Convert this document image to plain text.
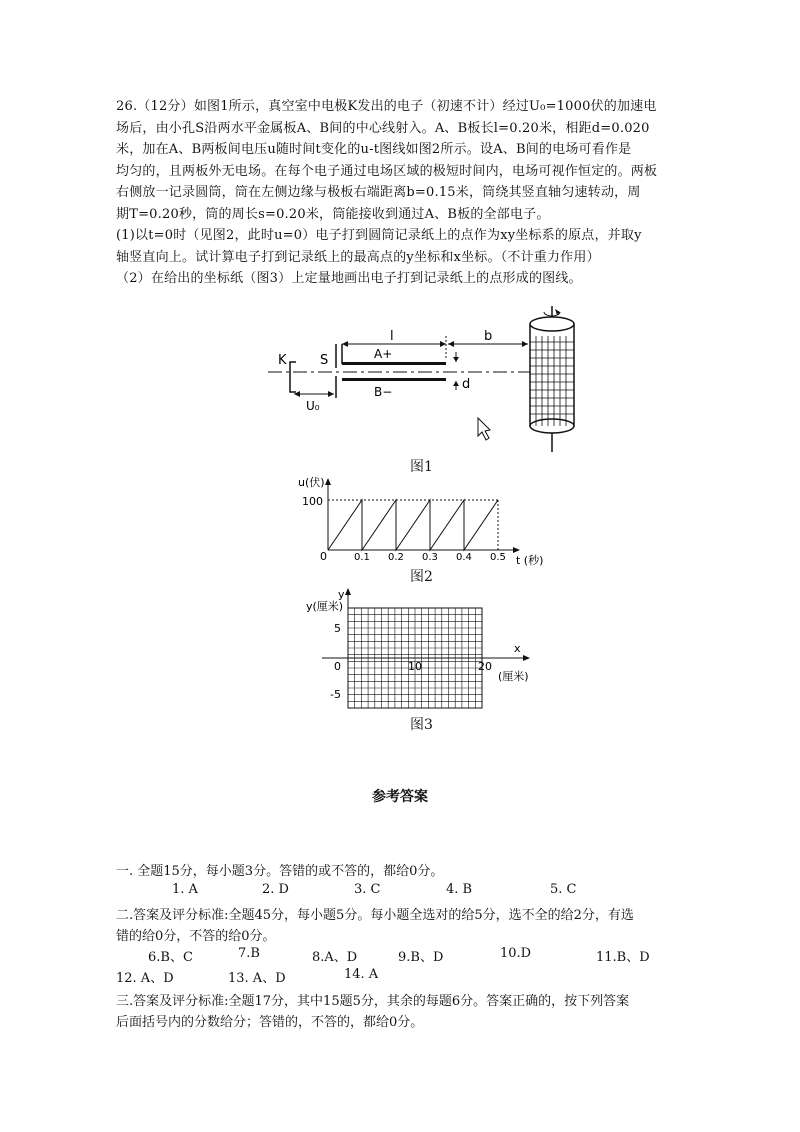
26.（12分）如图1所示，真空室中电极K发出的电子（初速不计）经过U₀=1000伏的加速电
场后，由小孔S沿两水平金属板A、B间的中心线射入。A、B板长l=0.20米，相距d=0.020
米，加在A、B两板间电压u随时间t变化的u-t图线如图2所示。设A、B间的电场可看作是
均匀的，且两板外无电场。在每个电子通过电场区域的极短时间内，电场可视作恒定的。两板
右侧放一记录圆筒，筒在左侧边缘与极板右端距离b=0.15米，筒绕其竖直轴匀速转动，周
期T=0.20秒，筒的周长s=0.20米，筒能接收到通过A、B板的全部电子。
(1)以t=0时（见图2，此时u=0）电子打到圆筒记录纸上的点作为xy坐标系的原点，并取y
轴竖直向上。试计算电子打到记录纸上的最高点的y坐标和x坐标。（不计重力作用）
（2）在给出的坐标纸（图3）上定量地画出电子打到记录纸上的点形成的图线。
K	S
U₀
A+
B−
l
d
b
图1
u(伏)
t (秒)
100
0	0.1 0.2 0.3 0.4 0.5
图2
y
y(厘米)
x
(厘米)
5
-5
0	10	20
图3
参考答案
一. 全题15分，每小题3分。答错的或不答的，都给0分。
1. A	2. D	3. C	4. B	5. C
二.答案及评分标准:全题45分，每小题5分。每小题全选对的给5分，选不全的给2分，有选
错的给0分，不答的给0分。
6.B、C	7.B	8.A、D	9.B、D	10.D	11.B、D
12. A、D	13. A、D	14. A
三.答案及评分标准:全题17分，其中15题5分，其余的每题6分。答案正确的，按下列答案
后面括号内的分数给分；答错的，不答的，都给0分。
